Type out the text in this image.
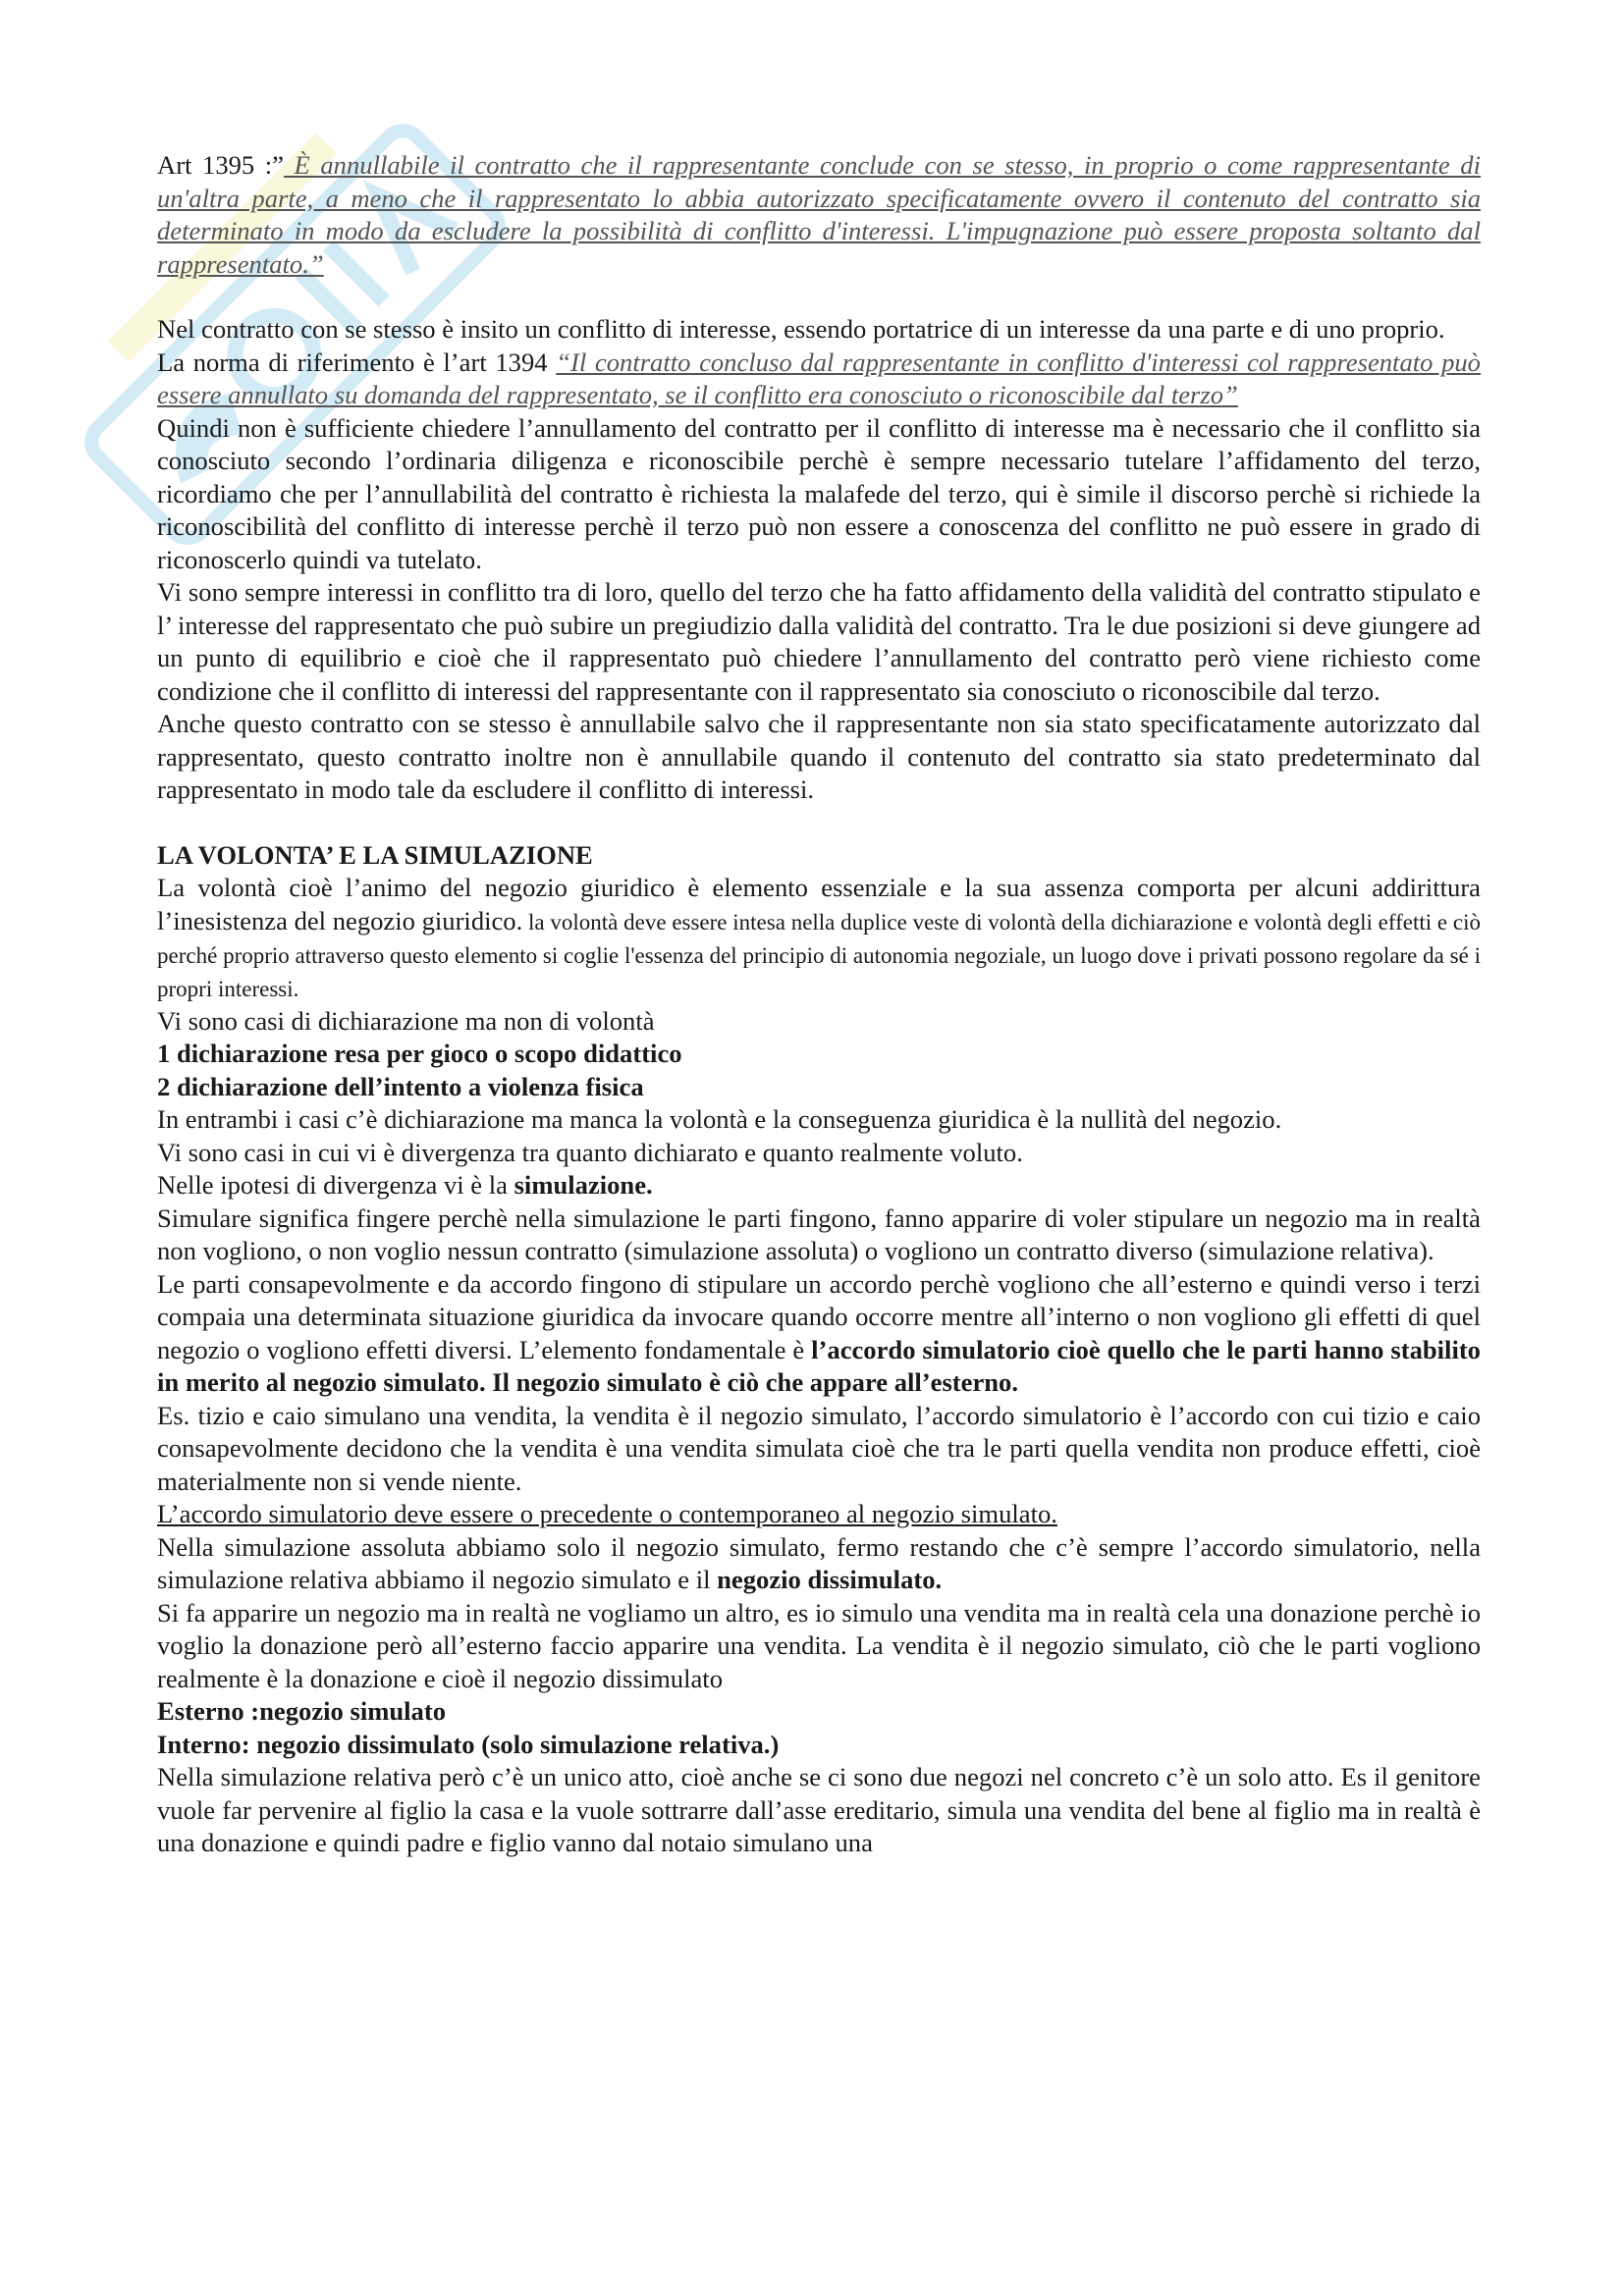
Art 1395 :” È annullabile il contratto che il rappresentante conclude con se stesso, in proprio o come rappresentante di un'altra parte, a meno che il rappresentato lo abbia autorizzato specificatamente ovvero il contenuto del contratto sia determinato in modo da escludere la possibilità di conflitto d'interessi. L'impugnazione può essere proposta soltanto dal rappresentato.”

Nel contratto con se stesso è insito un conflitto di interesse, essendo portatrice di un interesse da una parte e di uno proprio.

La norma di riferimento è l’art 1394 “Il contratto concluso dal rappresentante in conflitto d'interessi col rappresentato può essere annullato su domanda del rappresentato, se il conflitto era conosciuto o riconoscibile dal terzo”

Quindi non è sufficiente chiedere l’annullamento del contratto per il conflitto di interesse ma è necessario che il conflitto sia conosciuto secondo l’ordinaria diligenza e riconoscibile perchè è sempre necessario tutelare l’affidamento del terzo, ricordiamo che per l’annullabilità del contratto è richiesta la malafede del terzo, qui è simile il discorso perchè si richiede la riconoscibilità del conflitto di interesse perchè il terzo può non essere a conoscenza del conflitto ne può essere in grado di riconoscerlo quindi va tutelato.

Vi sono sempre interessi in conflitto tra di loro, quello del terzo che ha fatto affidamento della validità del contratto stipulato e l’ interesse del rappresentato che può subire un pregiudizio dalla validità del contratto. Tra le due posizioni si deve giungere ad un punto di equilibrio e cioè che il rappresentato può chiedere l’annullamento del contratto però viene richiesto come condizione che il conflitto di interessi del rappresentante con il rappresentato sia conosciuto o riconoscibile dal terzo.

Anche questo contratto con se stesso è annullabile salvo che il rappresentante non sia stato specificatamente autorizzato dal rappresentato, questo contratto inoltre non è annullabile quando il contenuto del contratto sia stato predeterminato dal rappresentato in modo tale da escludere il conflitto di interessi.

LA VOLONTA’ E LA SIMULAZIONE

La volontà cioè l’animo del negozio giuridico è elemento essenziale e la sua assenza comporta per alcuni addirittura l’inesistenza del negozio giuridico. la volontà deve essere intesa nella duplice veste di volontà della dichiarazione e volontà degli effetti e ciò perché proprio attraverso questo elemento si coglie l'essenza del principio di autonomia negoziale, un luogo dove i privati possono regolare da sé i propri interessi.

Vi sono casi di dichiarazione ma non di volontà

1 dichiarazione resa per gioco o scopo didattico

2 dichiarazione dell’intento a violenza fisica

In entrambi i casi c’è dichiarazione ma manca la volontà e la conseguenza giuridica è la nullità del negozio.

Vi sono casi in cui vi è divergenza tra quanto dichiarato e quanto realmente voluto.

Nelle ipotesi di divergenza vi è la simulazione.

Simulare significa fingere perchè nella simulazione le parti fingono, fanno apparire di voler stipulare un negozio ma in realtà non vogliono, o non voglio nessun contratto (simulazione assoluta) o vogliono un contratto diverso (simulazione relativa).

Le parti consapevolmente e da accordo fingono di stipulare un accordo perchè vogliono che all’esterno e quindi verso i terzi compaia una determinata situazione giuridica da invocare quando occorre mentre all’interno o non vogliono gli effetti di quel negozio o vogliono effetti diversi. L’elemento fondamentale è l’accordo simulatorio cioè quello che le parti hanno stabilito in merito al negozio simulato. Il negozio simulato è ciò che appare all’esterno.

Es. tizio e caio simulano una vendita, la vendita è il negozio simulato, l’accordo simulatorio è l’accordo con cui tizio e caio consapevolmente decidono che la vendita è una vendita simulata cioè che tra le parti quella vendita non produce effetti, cioè materialmente non si vende niente.

L’accordo simulatorio deve essere o precedente o contemporaneo al negozio simulato.

Nella simulazione assoluta abbiamo solo il negozio simulato, fermo restando che c’è sempre l’accordo simulatorio, nella simulazione relativa abbiamo il negozio simulato e il negozio dissimulato.

Si fa apparire un negozio ma in realtà ne vogliamo un altro, es io simulo una vendita ma in realtà cela una donazione perchè io voglio la donazione però all’esterno faccio apparire una vendita. La vendita è il negozio simulato, ciò che le parti vogliono realmente è la donazione e cioè il negozio dissimulato

Esterno :negozio simulato

Interno: negozio dissimulato (solo simulazione relativa.)

Nella simulazione relativa però c’è un unico atto, cioè anche se ci sono due negozi nel concreto c’è un solo atto. Es il genitore vuole far pervenire al figlio la casa e la vuole sottrarre dall’asse ereditario, simula una vendita del bene al figlio ma in realtà è una donazione e quindi padre e figlio vanno dal notaio simulano una
